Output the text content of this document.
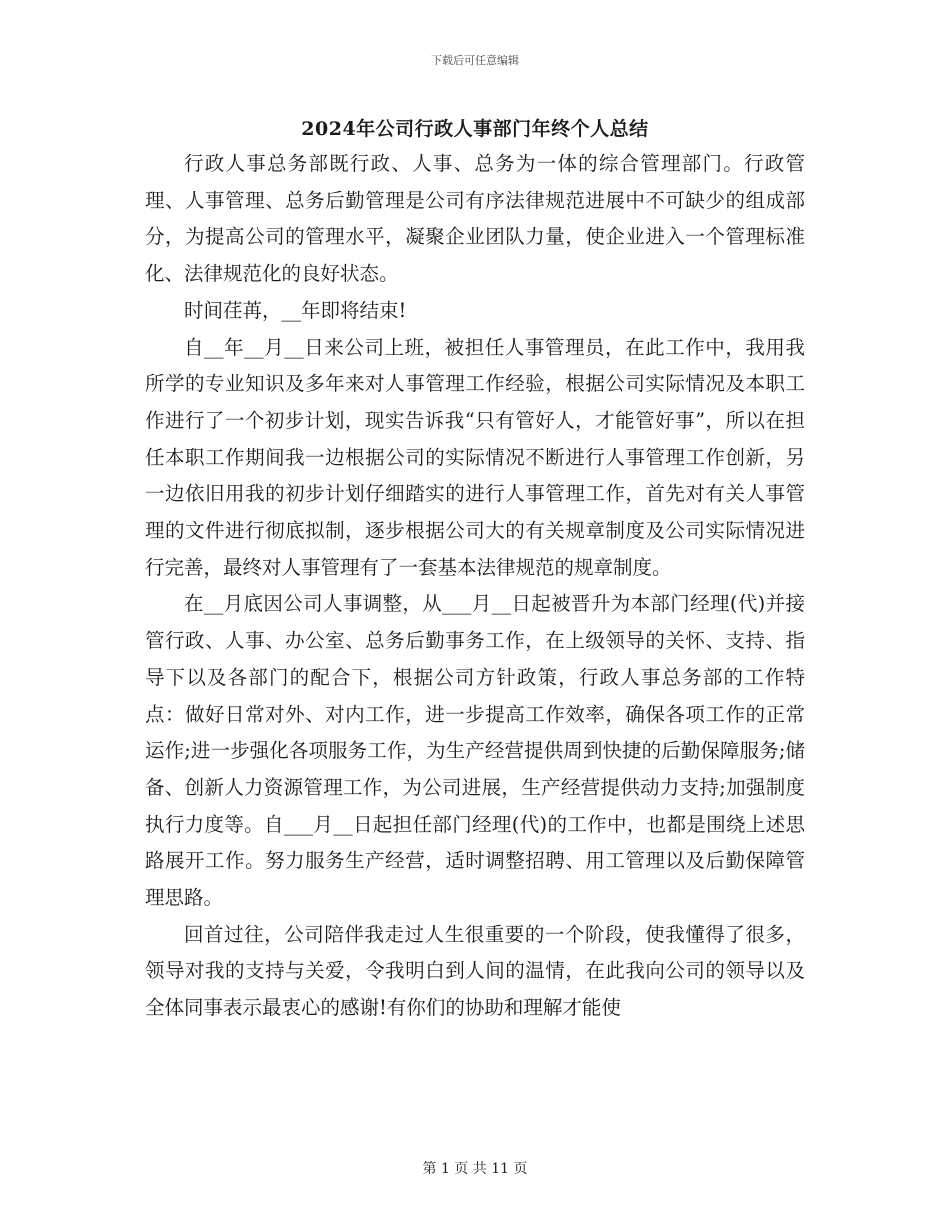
下载后可任意编辑
2024年公司行政人事部门年终个人总结

行政人事总务部既行政、人事、总务为一体的综合管理部门。行政管理、人事管理、总务后勤管理是公司有序法律规范进展中不可缺少的组成部分，为提高公司的管理水平，凝聚企业团队力量，使企业进入一个管理标准化、法律规范化的良好状态。

时间荏苒，__年即将结束!

自__年__月__日来公司上班，被担任人事管理员，在此工作中，我用我所学的专业知识及多年来对人事管理工作经验，根据公司实际情况及本职工作进行了一个初步计划，现实告诉我“只有管好人，才能管好事”，所以在担任本职工作期间我一边根据公司的实际情况不断进行人事管理工作创新，另一边依旧用我的初步计划仔细踏实的进行人事管理工作，首先对有关人事管理的文件进行彻底拟制，逐步根据公司大的有关规章制度及公司实际情况进行完善，最终对人事管理有了一套基本法律规范的规章制度。

在__月底因公司人事调整，从___月__日起被晋升为本部门经理(代)并接管行政、人事、办公室、总务后勤事务工作，在上级领导的关怀、支持、指导下以及各部门的配合下，根据公司方针政策，行政人事总务部的工作特点：做好日常对外、对内工作，进一步提高工作效率，确保各项工作的正常运作;进一步强化各项服务工作，为生产经营提供周到快捷的后勤保障服务;储备、创新人力资源管理工作，为公司进展，生产经营提供动力支持;加强制度执行力度等。自___月__日起担任部门经理(代)的工作中，也都是围绕上述思路展开工作。努力服务生产经营，适时调整招聘、用工管理以及后勤保障管理思路。

回首过往，公司陪伴我走过人生很重要的一个阶段，使我懂得了很多，领导对我的支持与关爱，令我明白到人间的温情，在此我向公司的领导以及全体同事表示最衷心的感谢!有你们的协助和理解才能使

第 1 页 共 11 页
